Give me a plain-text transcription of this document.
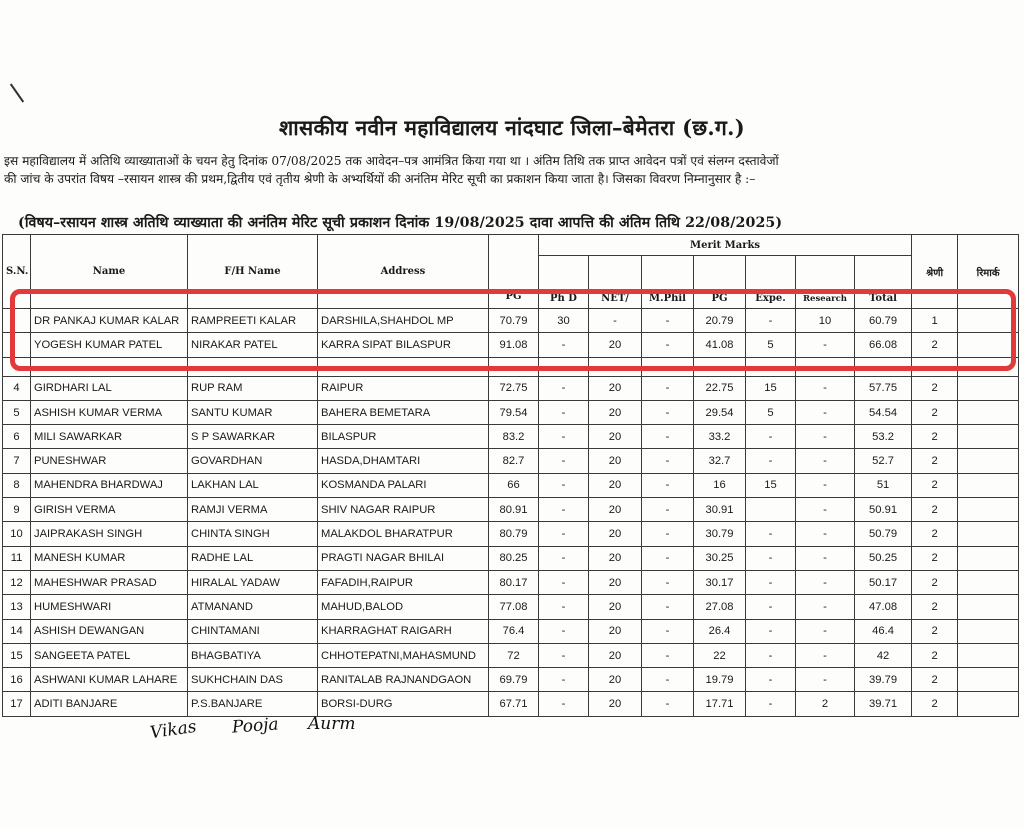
शासकीय नवीन महाविद्यालय नांदघाट जिला–बेमेतरा (छ.ग.)

इस महाविद्यालय में अतिथि व्याख्याताओं के चयन हेतु दिनांक 07/08/2025 तक आवेदन–पत्र आमंत्रित किया गया था । अंतिम तिथि तक प्राप्त आवेदन पत्रों एवं संलग्न दस्तावेजों

की जांच के उपरांत विषय –रसायन शास्त्र की प्रथम,द्वितीय एवं तृतीय श्रेणी के अभ्यर्थियों की अनंतिम मेरिट सूची का प्रकाशन किया जाता है। जिसका विवरण निम्नानुसार है :–

(विषय–रसायन शास्त्र अतिथि व्याख्याता की अनंतिम मेरिट सूची प्रकाशन दिनांक 19/08/2025 दावा आपत्ति की अंतिम तिथि 22/08/2025)
S.N.	Name	F/H Name	Address	PG	Merit Marks							श्रेणी	रिमार्क
					Ph D	NET/	M.Phil	PG	Expe.	Research	Total		
	DR PANKAJ KUMAR KALAR	RAMPREETI KALAR	DARSHILA,SHAHDOL MP	70.79	30	-	-	20.79	-	10	60.79	1	
	YOGESH KUMAR PATEL	NIRAKAR PATEL	KARRA SIPAT BILASPUR	91.08	-	20	-	41.08	5	-	66.08	2	

4	GIRDHARI LAL	RUP RAM	RAIPUR	72.75	-	20	-	22.75	15	-	57.75	2	
5	ASHISH KUMAR VERMA	SANTU KUMAR	BAHERA BEMETARA	79.54	-	20	-	29.54	5	-	54.54	2	
6	MILI SAWARKAR	S P SAWARKAR	BILASPUR	83.2	-	20	-	33.2	-	-	53.2	2	
7	PUNESHWAR	GOVARDHAN	HASDA,DHAMTARI	82.7	-	20	-	32.7	-	-	52.7	2	
8	MAHENDRA BHARDWAJ	LAKHAN LAL	KOSMANDA PALARI	66	-	20	-	16	15	-	51	2	
9	GIRISH VERMA	RAMJI VERMA	SHIV NAGAR RAIPUR	80.91	-	20	-	30.91		-	50.91	2	
10	JAIPRAKASH SINGH	CHINTA SINGH	MALAKDOL BHARATPUR	80.79	-	20	-	30.79	-	-	50.79	2	
11	MANESH KUMAR	RADHE LAL	PRAGTI NAGAR BHILAI	80.25	-	20	-	30.25	-	-	50.25	2	
12	MAHESHWAR PRASAD	HIRALAL YADAW	FAFADIH,RAIPUR	80.17	-	20	-	30.17	-	-	50.17	2	
13	HUMESHWARI	ATMANAND	MAHUD,BALOD	77.08	-	20	-	27.08	-	-	47.08	2	
14	ASHISH DEWANGAN	CHINTAMANI	KHARRAGHAT RAIGARH	76.4	-	20	-	26.4	-	-	46.4	2	
15	SANGEETA PATEL	BHAGBATIYA	CHHOTEPATNI,MAHASMUND	72	-	20	-	22	-	-	42	2	
16	ASHWANI KUMAR LAHARE	SUKHCHAIN DAS	RANITALAB RAJNANDGAON	69.79	-	20	-	19.79	-	-	39.79	2	
17	ADITI BANJARE	P.S.BANJARE	BORSI-DURG	67.71	-	20	-	17.71	-	2	39.71	2	
Vikas Pooja Aurm
